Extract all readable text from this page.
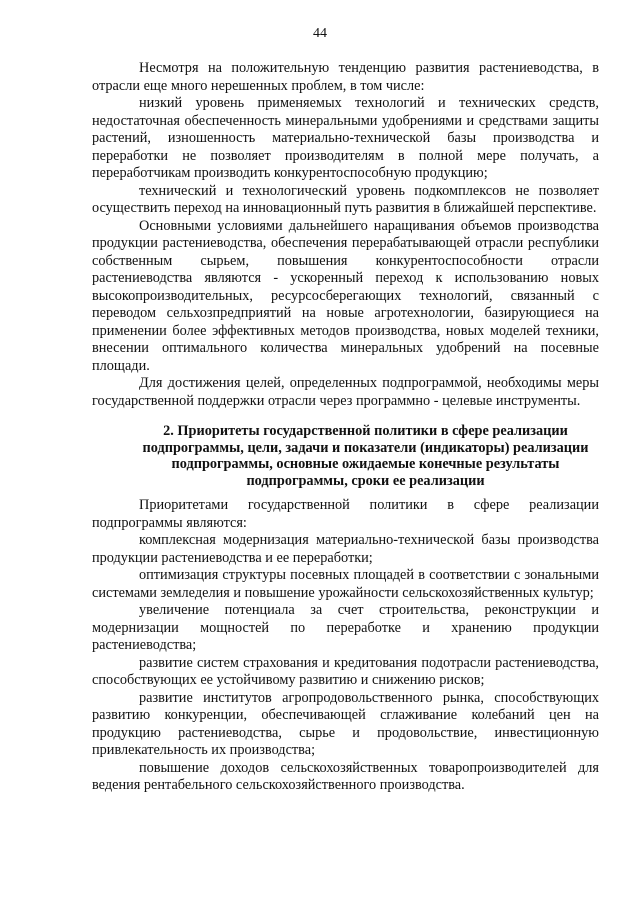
44

Несмотря на положительную тенденцию развития растениеводства, в отрасли еще много нерешенных проблем, в том числе:

низкий уровень применяемых технологий и технических средств, недостаточная обеспеченность минеральными удобрениями и средствами защиты растений, изношенность материально-технической базы производства и переработки не позволяет производителям в полной мере получать, а переработчикам производить конкурентоспособную продукцию;

технический и технологический уровень подкомплексов не позволяет осуществить переход на инновационный путь развития в ближайшей перспективе.

Основными условиями дальнейшего наращивания объемов производства продукции растениеводства, обеспечения перерабатывающей отрасли республики собственным сырьем, повышения конкурентоспособности отрасли растениеводства являются - ускоренный переход к использованию новых высокопроизводительных, ресурсосберегающих технологий, связанный с переводом сельхозпредприятий на новые агротехнологии, базирующиеся на применении более эффективных методов производства, новых моделей техники, внесении оптимального количества минеральных удобрений на посевные площади.

Для достижения целей, определенных подпрограммой, необходимы меры государственной поддержки отрасли через программно - целевые инструменты.

2. Приоритеты государственной политики в сфере реализации подпрограммы, цели, задачи и показатели (индикаторы) реализации подпрограммы, основные ожидаемые конечные результаты подпрограммы, сроки ее реализации

Приоритетами государственной политики в сфере реализации подпрограммы являются:

комплексная модернизация материально-технической базы производства продукции растениеводства и ее переработки;

оптимизация структуры посевных площадей в соответствии с зональными системами земледелия и повышение урожайности сельскохозяйственных культур;

увеличение потенциала за счет строительства, реконструкции и модернизации мощностей по переработке и хранению продукции растениеводства;

развитие систем страхования и кредитования подотрасли растениеводства, способствующих ее устойчивому развитию и снижению рисков;

развитие институтов агропродовольственного рынка, способствующих развитию конкуренции, обеспечивающей сглаживание колебаний цен на продукцию растениеводства, сырье и продовольствие, инвестиционную привлекательность их производства;

повышение доходов сельскохозяйственных товаропроизводителей для ведения рентабельного сельскохозяйственного производства.
